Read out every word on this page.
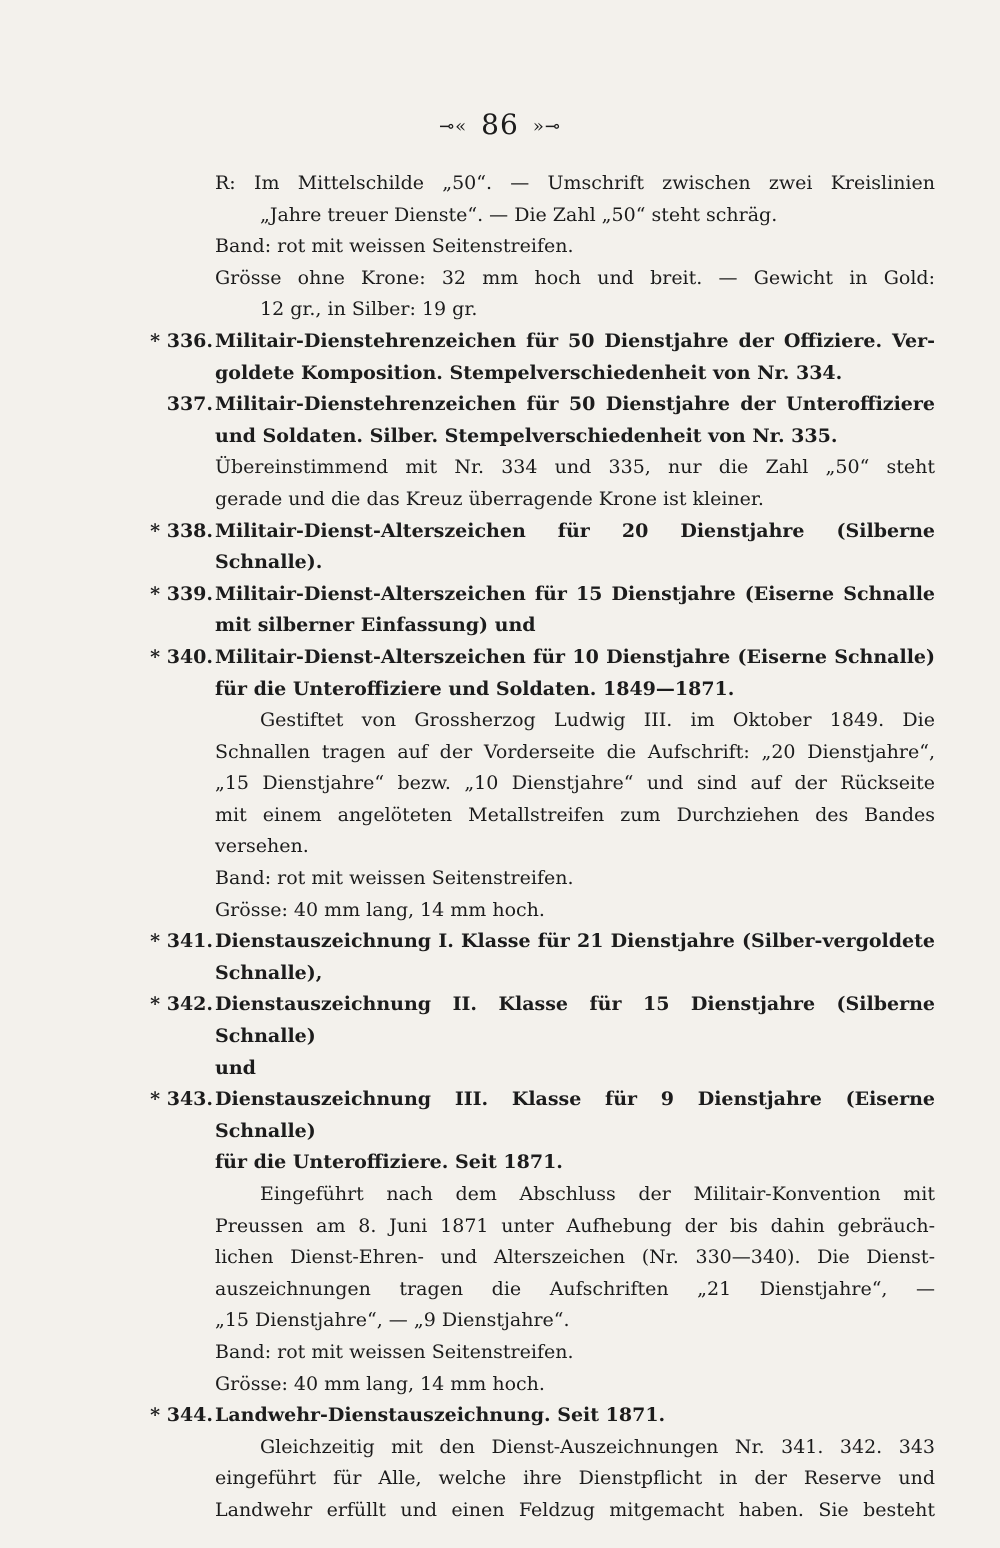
⊸« 86 »⊸
R: Im Mittelschilde „50“. — Umschrift zwischen zwei Kreislinien
„Jahre treuer Dienste“. — Die Zahl „50“ steht schräg.
Band: rot mit weissen Seitenstreifen.
Grösse ohne Krone: 32 mm hoch und breit. — Gewicht in Gold:
12 gr., in Silber: 19 gr.
* 336. Militair-Dienstehrenzeichen für 50 Dienstjahre der Offiziere. Ver-
goldete Komposition. Stempelverschiedenheit von Nr. 334.
337. Militair-Dienstehrenzeichen für 50 Dienstjahre der Unteroffiziere
und Soldaten. Silber. Stempelverschiedenheit von Nr. 335.
Übereinstimmend mit Nr. 334 und 335, nur die Zahl „50“ steht
gerade und die das Kreuz überragende Krone ist kleiner.
* 338. Militair-Dienst-Alterszeichen für 20 Dienstjahre (Silberne Schnalle).
* 339. Militair-Dienst-Alterszeichen für 15 Dienstjahre (Eiserne Schnalle
mit silberner Einfassung) und
* 340. Militair-Dienst-Alterszeichen für 10 Dienstjahre (Eiserne Schnalle)
für die Unteroffiziere und Soldaten. 1849—1871.
Gestiftet von Grossherzog Ludwig III. im Oktober 1849. Die
Schnallen tragen auf der Vorderseite die Aufschrift: „20 Dienstjahre“,
„15 Dienstjahre“ bezw. „10 Dienstjahre“ und sind auf der Rückseite
mit einem angelöteten Metallstreifen zum Durchziehen des Bandes
versehen.
Band: rot mit weissen Seitenstreifen.
Grösse: 40 mm lang, 14 mm hoch.
* 341. Dienstauszeichnung I. Klasse für 21 Dienstjahre (Silber-vergoldete
Schnalle),
* 342. Dienstauszeichnung II. Klasse für 15 Dienstjahre (Silberne Schnalle)
und
* 343. Dienstauszeichnung III. Klasse für 9 Dienstjahre (Eiserne Schnalle)
für die Unteroffiziere. Seit 1871.
Eingeführt nach dem Abschluss der Militair-Konvention mit
Preussen am 8. Juni 1871 unter Aufhebung der bis dahin gebräuch-
lichen Dienst-Ehren- und Alterszeichen (Nr. 330—340). Die Dienst-
auszeichnungen tragen die Aufschriften „21 Dienstjahre“, —
„15 Dienstjahre“, — „9 Dienstjahre“.
Band: rot mit weissen Seitenstreifen.
Grösse: 40 mm lang, 14 mm hoch.
* 344. Landwehr-Dienstauszeichnung. Seit 1871.
Gleichzeitig mit den Dienst-Auszeichnungen Nr. 341. 342. 343
eingeführt für Alle, welche ihre Dienstpflicht in der Reserve und
Landwehr erfüllt und einen Feldzug mitgemacht haben. Sie besteht
